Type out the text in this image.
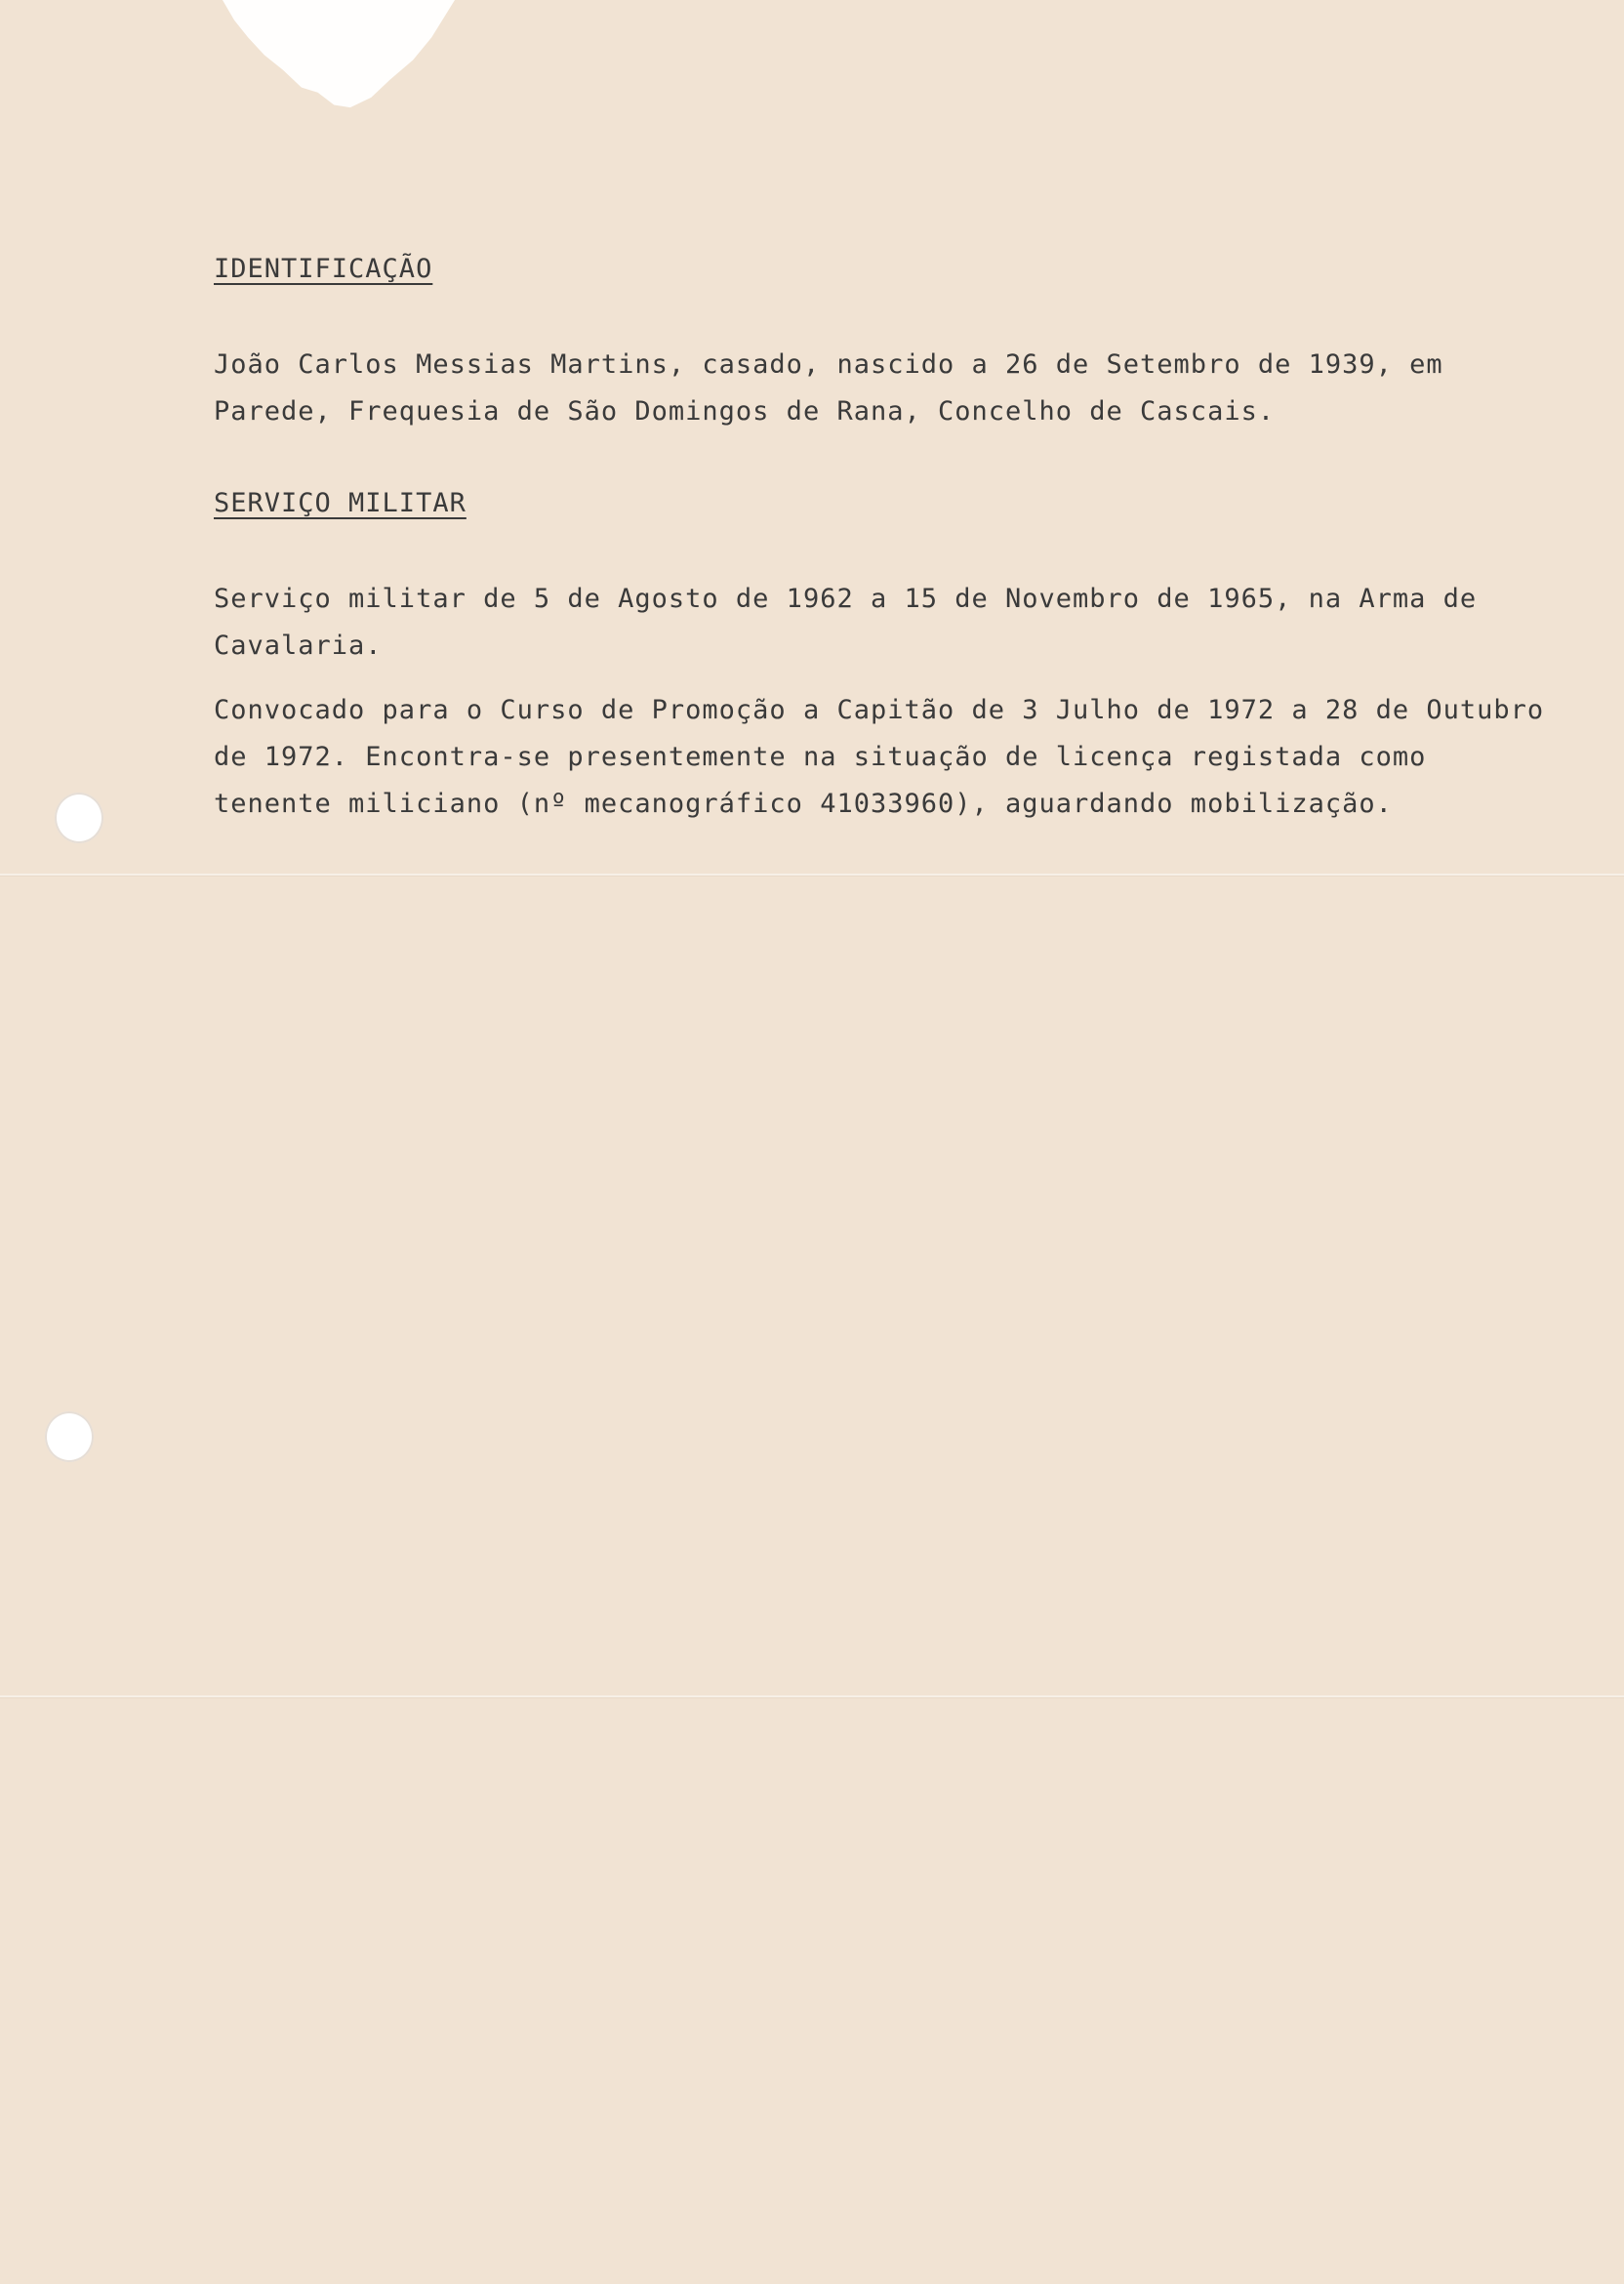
IDENTIFICAÇÃO

João Carlos Messias Martins, casado, nascido a 26 de Setembro de 1939, em Parede, Frequesia de São Domingos de Rana, Concelho de Cascais.

SERVIÇO MILITAR

Serviço militar de 5 de Agosto de 1962 a 15 de Novembro de 1965, na Arma de Cavalaria.

Convocado para o Curso de Promoção a Capitão de 3 Julho de 1972 a 28 de Outubro de 1972. Encontra-se presentemente na situação de licença registada como tenente miliciano (nº mecanográfico 41033960), aguardando mobilização.
